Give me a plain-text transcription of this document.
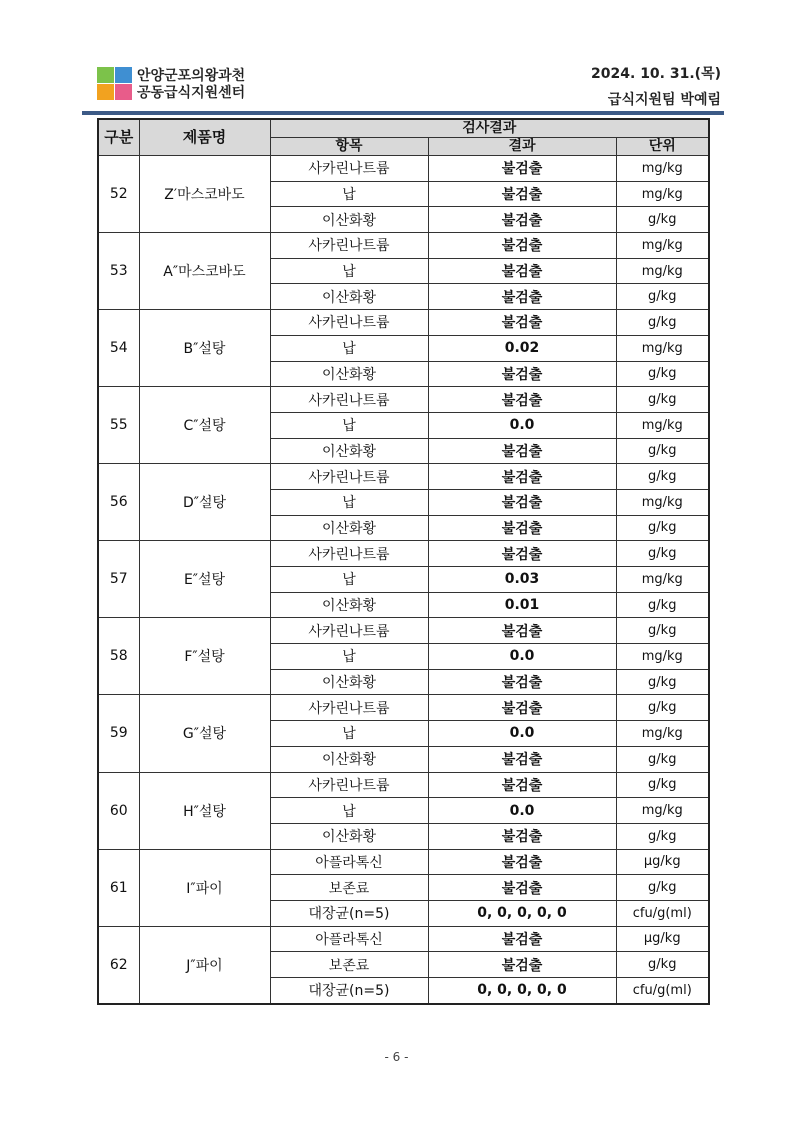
안양군포의왕과천
공동급식지원센터
2024. 10. 31.(목)
급식지원팀 박예림
구분	제품명	검사결과		
		항목	결과	단위
52	Z′마스코바도	사카린나트륨	불검출	mg/kg
		납	불검출	mg/kg
		이산화황	불검출	g/kg
53	A″마스코바도	사카린나트륨	불검출	mg/kg
		납	불검출	mg/kg
		이산화황	불검출	g/kg
54	B″설탕	사카린나트륨	불검출	g/kg
		납	0.02	mg/kg
		이산화황	불검출	g/kg
55	C″설탕	사카린나트륨	불검출	g/kg
		납	0.0	mg/kg
		이산화황	불검출	g/kg
56	D″설탕	사카린나트륨	불검출	g/kg
		납	불검출	mg/kg
		이산화황	불검출	g/kg
57	E″설탕	사카린나트륨	불검출	g/kg
		납	0.03	mg/kg
		이산화황	0.01	g/kg
58	F″설탕	사카린나트륨	불검출	g/kg
		납	0.0	mg/kg
		이산화황	불검출	g/kg
59	G″설탕	사카린나트륨	불검출	g/kg
		납	0.0	mg/kg
		이산화황	불검출	g/kg
60	H″설탕	사카린나트륨	불검출	g/kg
		납	0.0	mg/kg
		이산화황	불검출	g/kg
61	I″파이	아플라톡신	불검출	μg/kg
		보존료	불검출	g/kg
		대장균(n=5)	0, 0, 0, 0, 0	cfu/g(ml)
62	J″파이	아플라톡신	불검출	μg/kg
		보존료	불검출	g/kg
		대장균(n=5)	0, 0, 0, 0, 0	cfu/g(ml)
- 6 -
